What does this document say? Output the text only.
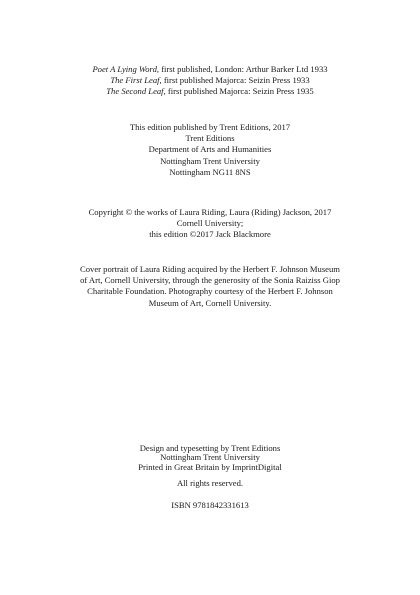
Poet A Lying Word, first published, London: Arthur Barker Ltd 1933
The First Leaf, first published Majorca: Seizin Press 1933
The Second Leaf, first published Majorca: Seizin Press 1935
This edition published by Trent Editions, 2017
Trent Editions
Department of Arts and Humanities
Nottingham Trent University
Nottingham NG11 8NS
Copyright © the works of Laura Riding, Laura (Riding) Jackson, 2017
Cornell University;
this edition ©2017 Jack Blackmore
Cover portrait of Laura Riding acquired by the Herbert F. Johnson Museum
of Art, Cornell University, through the generosity of the Sonia Raiziss Giop
Charitable Foundation. Photography courtesy of the Herbert F. Johnson
Museum of Art, Cornell University.
Design and typesetting by Trent Editions
Nottingham Trent University
Printed in Great Britain by ImprintDigital
All rights reserved.
ISBN 9781842331613
